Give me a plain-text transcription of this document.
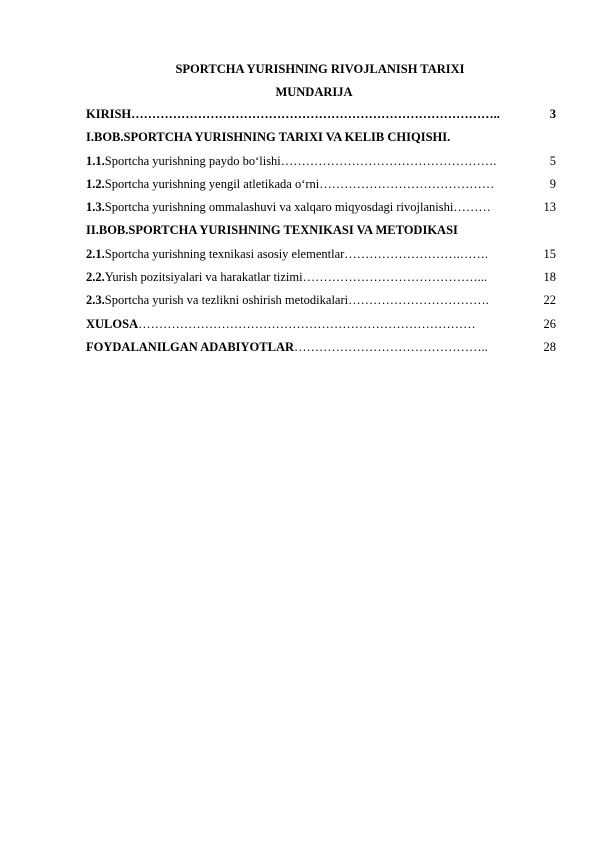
SPORTCHA YURISHNING RIVOJLANISH TARIXI
MUNDARIJA
KIRISH……………………………………………………………………………..	3
I.BOB.SPORTCHA YURISHNING TARIXI VA KELIB CHIQISHI.
1.1.Sportcha yurishning paydo bo‘lishi…………………………………………….	5
1.2.Sportcha yurishning yengil atletikada o‘rni……………………………………	9
1.3.Sportcha yurishning ommalashuvi va xalqaro miqyosdagi rivojlanishi………	13
II.BOB.SPORTCHA YURISHNING TEXNIKASI VA METODIKASI
2.1.Sportcha yurishning texnikasi asosiy elementlar……………………….…….	15
2.2.Yurish pozitsiyalari va harakatlar tizimi……………………………………...	18
2.3.Sportcha yurish va tezlikni oshirish metodikalari…………………………….	22
XULOSA………………………………………………………………………	26
FOYDALANILGAN ADABIYOTLAR………………………………………..	28
